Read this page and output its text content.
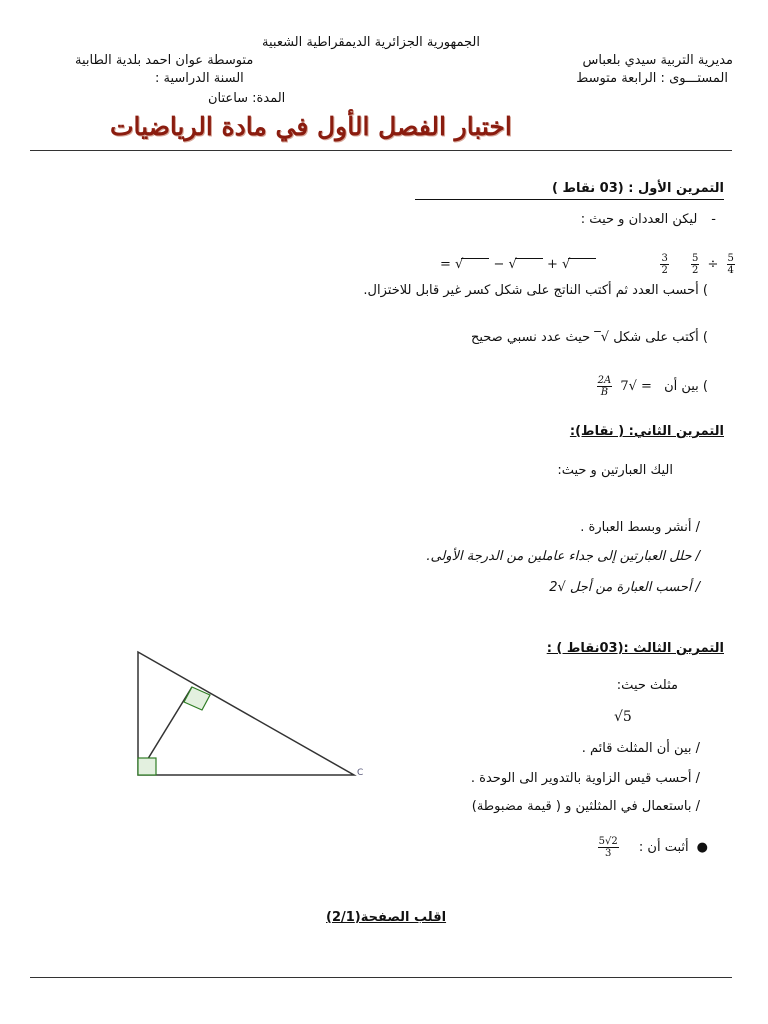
الجمهورية الجزائرية الديمقراطية الشعبية
مديرية التربية سيدي بلعباس
متوسطة عوان احمد بلدية الطابية
المستـــوى : الرابعة متوسط
السنة الدراسية :
المدة: ساعتان
اختبار الفصل الأول في مادة الرياضيات
التمرين الأول : (03 نقاط )
-ليكن العددان و حيث :
= √ − √ + √	$\frac{3}{2}$
$\frac{5}{2} \div \frac{5}{4}$
) أحسب العدد ثم أكتب الناتج على شكل كسر غير قابل للاختزال.
) أكتب على شكل √‾ حيث عدد نسبي صحيح
) بين أن = √7
$\frac{2A}{B}$
التمرين الثاني: ( نقاط):
اليك العبارتين و حيث:
/ أنشر وبسط العبارة .
/ حلل العبارتين إلى جداء عاملين من الدرجة الأولى.
/ أحسب العبارة من أجل √2
التمرين الثالث :(03نقاط ) :
مثلث حيث:
√5
/ بين أن المثلث قائم .
/ أحسب قيس الزاوية بالتدوير الى الوحدة .
/ باستعمال في المثلثين و ( قيمة مضبوطة)
●أثبت أن :
$\frac{2√5}{3}$
C
اقلب الصفحة(2/1)
